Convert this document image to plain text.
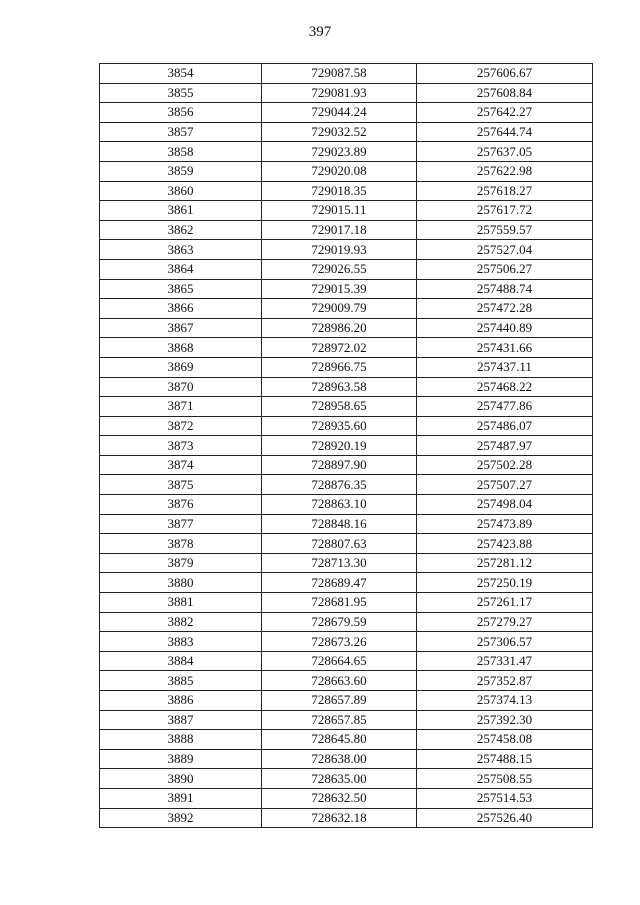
397
3854	729087.58	257606.67
3855	729081.93	257608.84
3856	729044.24	257642.27
3857	729032.52	257644.74
3858	729023.89	257637.05
3859	729020.08	257622.98
3860	729018.35	257618.27
3861	729015.11	257617.72
3862	729017.18	257559.57
3863	729019.93	257527.04
3864	729026.55	257506.27
3865	729015.39	257488.74
3866	729009.79	257472.28
3867	728986.20	257440.89
3868	728972.02	257431.66
3869	728966.75	257437.11
3870	728963.58	257468.22
3871	728958.65	257477.86
3872	728935.60	257486.07
3873	728920.19	257487.97
3874	728897.90	257502.28
3875	728876.35	257507.27
3876	728863.10	257498.04
3877	728848.16	257473.89
3878	728807.63	257423.88
3879	728713.30	257281.12
3880	728689.47	257250.19
3881	728681.95	257261.17
3882	728679.59	257279.27
3883	728673.26	257306.57
3884	728664.65	257331.47
3885	728663.60	257352.87
3886	728657.89	257374.13
3887	728657.85	257392.30
3888	728645.80	257458.08
3889	728638.00	257488.15
3890	728635.00	257508.55
3891	728632.50	257514.53
3892	728632.18	257526.40
